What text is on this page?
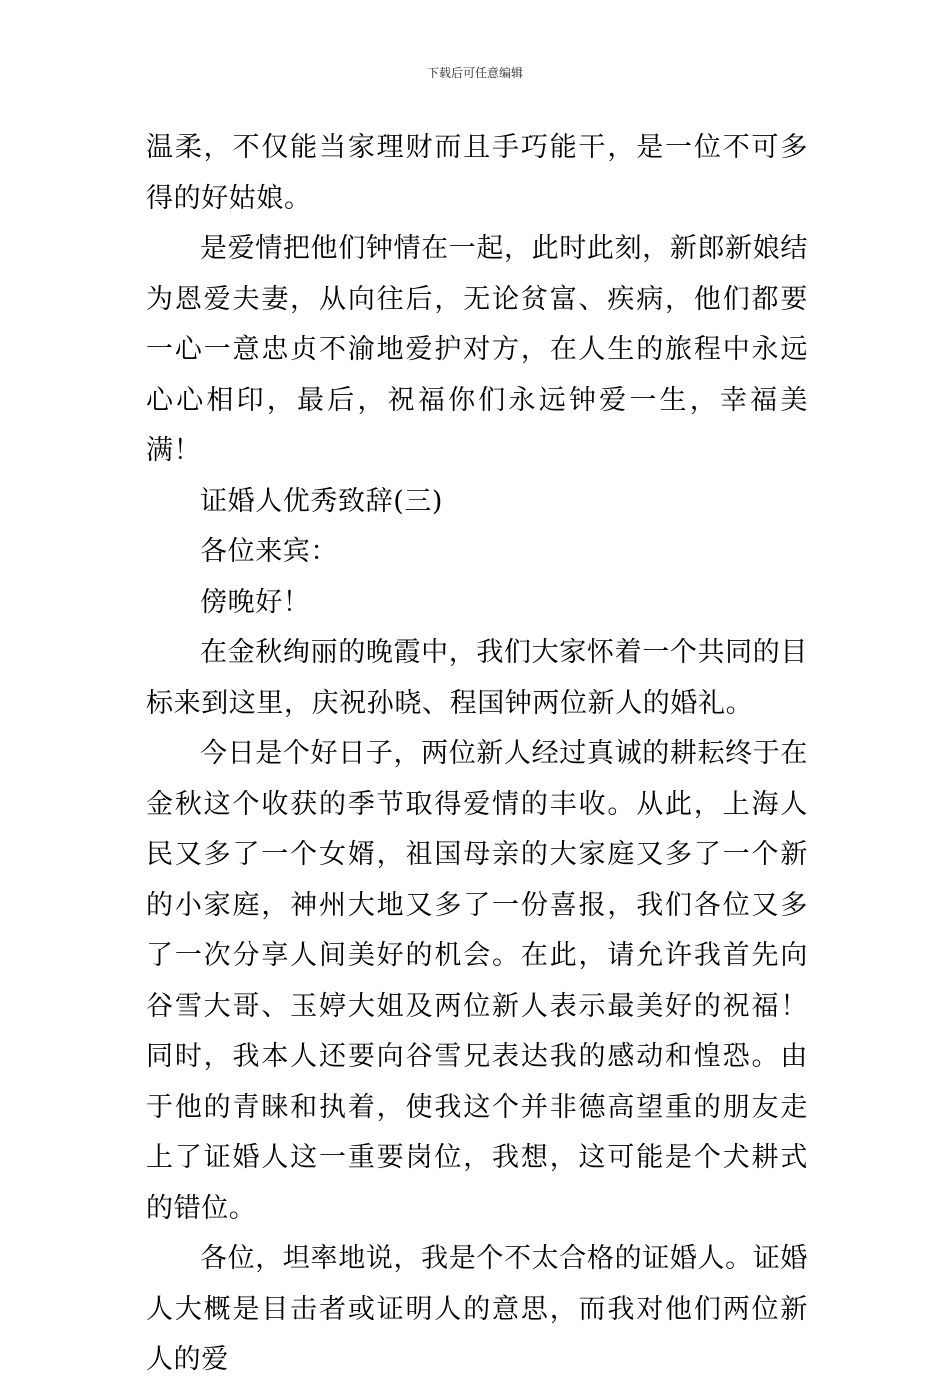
下载后可任意编辑

温柔，不仅能当家理财而且手巧能干，是一位不可多得的好姑娘。

是爱情把他们钟情在一起，此时此刻，新郎新娘结为恩爱夫妻，从向往后，无论贫富、疾病，他们都要一心一意忠贞不渝地爱护对方，在人生的旅程中永远心心相印，最后，祝福你们永远钟爱一生，幸福美满！

证婚人优秀致辞(三)

各位来宾：

傍晚好！

在金秋绚丽的晚霞中，我们大家怀着一个共同的目标来到这里，庆祝孙晓、程国钟两位新人的婚礼。

今日是个好日子，两位新人经过真诚的耕耘终于在金秋这个收获的季节取得爱情的丰收。从此，上海人民又多了一个女婿，祖国母亲的大家庭又多了一个新的小家庭，神州大地又多了一份喜报，我们各位又多了一次分享人间美好的机会。在此，请允许我首先向谷雪大哥、玉婷大姐及两位新人表示最美好的祝福！同时，我本人还要向谷雪兄表达我的感动和惶恐。由于他的青睐和执着，使我这个并非德高望重的朋友走上了证婚人这一重要岗位，我想，这可能是个犬耕式的错位。

各位，坦率地说，我是个不太合格的证婚人。证婚人大概是目击者或证明人的意思，而我对他们两位新人的爱
